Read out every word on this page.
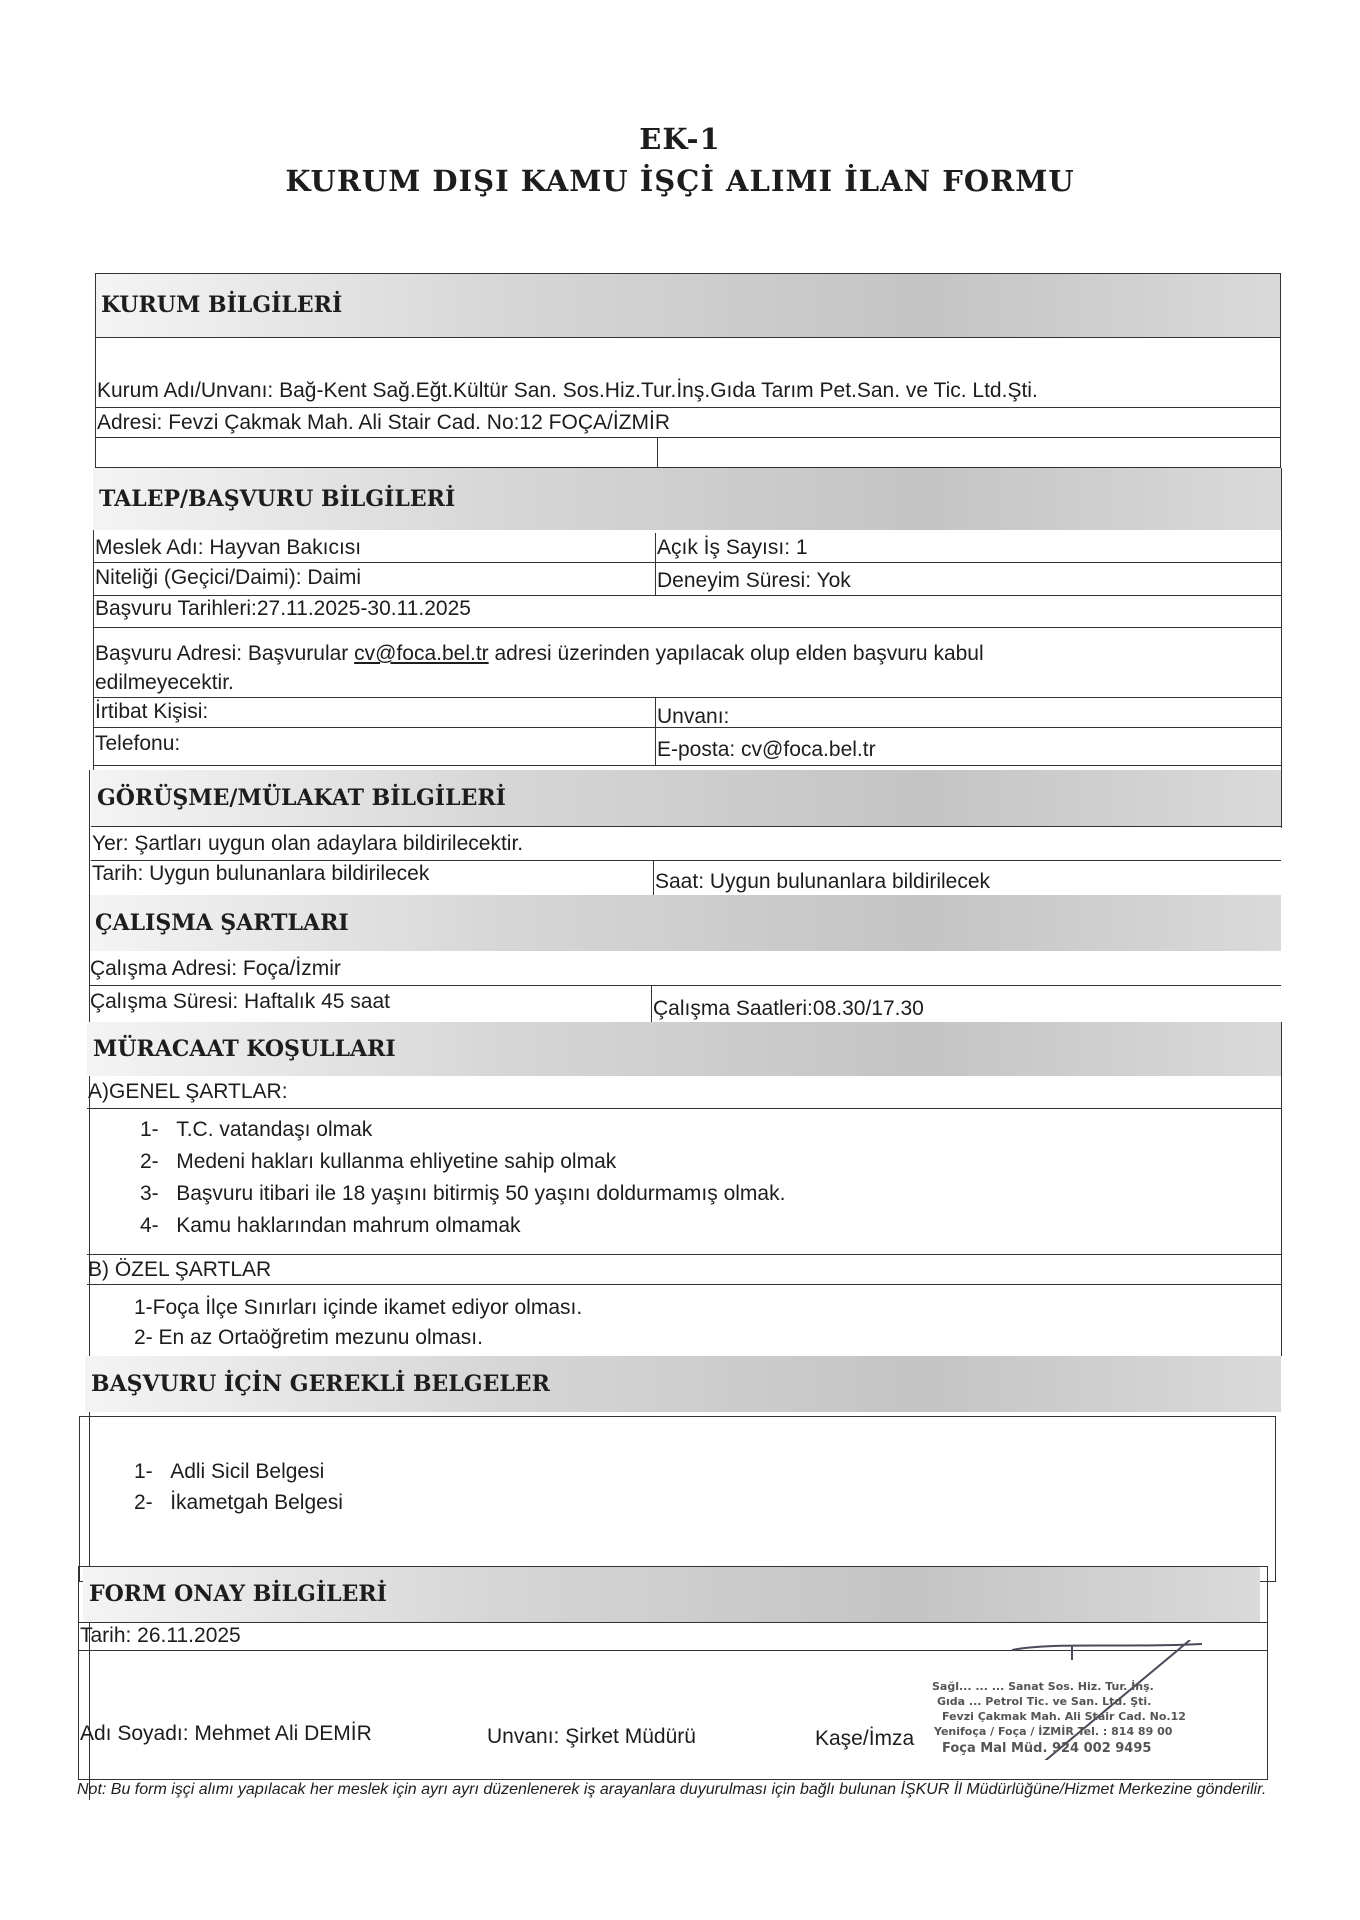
EK-1
KURUM DIŞI KAMU İŞÇİ ALIMI İLAN FORMU
KURUM BİLGİLERİ
Kurum Adı/Unvanı: Bağ-Kent Sağ.Eğt.Kültür San. Sos.Hiz.Tur.İnş.Gıda Tarım Pet.San. ve Tic. Ltd.Şti.
Adresi: Fevzi Çakmak Mah. Ali Stair Cad. No:12 FOÇA/İZMİR
TALEP/BAŞVURU BİLGİLERİ
Meslek Adı: Hayvan Bakıcısı	Açık İş Sayısı: 1
Niteliği (Geçici/Daimi): Daimi	Deneyim Süresi: Yok
Başvuru Tarihleri:27.11.2025-30.11.2025
Başvuru Adresi: Başvurular cv@foca.bel.tr adresi üzerinden yapılacak olup elden başvuru kabul
edilmeyecektir.
İrtibat Kişisi:	Unvanı:
Telefonu:	E-posta: cv@foca.bel.tr
GÖRÜŞME/MÜLAKAT BİLGİLERİ
Yer: Şartları uygun olan adaylara bildirilecektir.
Tarih: Uygun bulunanlara bildirilecek	Saat: Uygun bulunanlara bildirilecek
ÇALIŞMA ŞARTLARI
Çalışma Adresi: Foça/İzmir
Çalışma Süresi: Haftalık 45 saat	Çalışma Saatleri:08.30/17.30
MÜRACAAT KOŞULLARI
A)GENEL ŞARTLAR:
1- T.C. vatandaşı olmak
2- Medeni hakları kullanma ehliyetine sahip olmak
3- Başvuru itibari ile 18 yaşını bitirmiş 50 yaşını doldurmamış olmak.
4- Kamu haklarından mahrum olmamak
B) ÖZEL ŞARTLAR
1-Foça İlçe Sınırları içinde ikamet ediyor olması.
2- En az Ortaöğretim mezunu olması.
BAŞVURU İÇİN GEREKLİ BELGELER
1- Adli Sicil Belgesi
2- İkametgah Belgesi
FORM ONAY BİLGİLERİ
Tarih: 26.11.2025
Adı Soyadı: Mehmet Ali DEMİR	Unvanı: Şirket Müdürü	Kaşe/İmza
Sağl... ... ... Sanat Sos. Hiz. Tur. İnş.
Gıda ... Petrol Tic. ve San. Ltd. Şti.
Fevzi Çakmak Mah. Ali Stair Cad. No.12
Yenifoça / Foça / İZMİR Tel. : 814 89 00
Foça Mal Müd. 924 002 9495
Not: Bu form işçi alımı yapılacak her meslek için ayrı ayrı düzenlenerek iş arayanlara duyurulması için bağlı bulunan İŞKUR İl Müdürlüğüne/Hizmet Merkezine gönderilir.
